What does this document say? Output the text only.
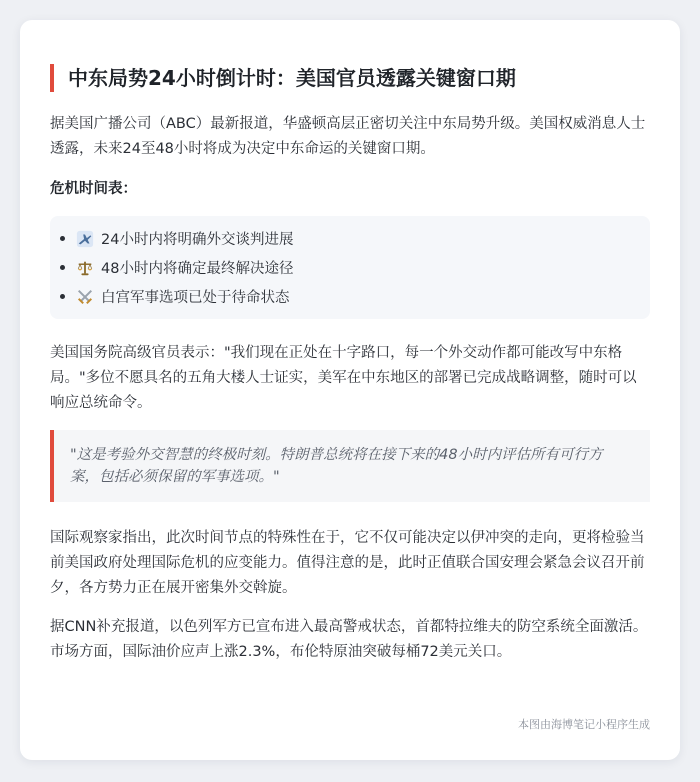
中东局势24小时倒计时：美国官员透露关键窗口期

据美国广播公司（ABC）最新报道，华盛顿高层正密切关注中东局势升级。美国权威消息人士透露，未来24至48小时将成为决定中东命运的关键窗口期。

危机时间表：
24小时内将明确外交谈判进展
48小时内将确定最终解决途径
白宫军事选项已处于待命状态

美国国务院高级官员表示："我们现在正处在十字路口，每一个外交动作都可能改写中东格局。"多位不愿具名的五角大楼人士证实，美军在中东地区的部署已完成战略调整，随时可以响应总统命令。

"这是考验外交智慧的终极时刻。特朗普总统将在接下来的48小时内评估所有可行方案，包括必须保留的军事选项。"

国际观察家指出，此次时间节点的特殊性在于，它不仅可能决定以伊冲突的走向，更将检验当前美国政府处理国际危机的应变能力。值得注意的是，此时正值联合国安理会紧急会议召开前夕，各方势力正在展开密集外交斡旋。

据CNN补充报道，以色列军方已宣布进入最高警戒状态，首都特拉维夫的防空系统全面激活。市场方面，国际油价应声上涨2.3%，布伦特原油突破每桶72美元关口。

本图由海博笔记小程序生成
